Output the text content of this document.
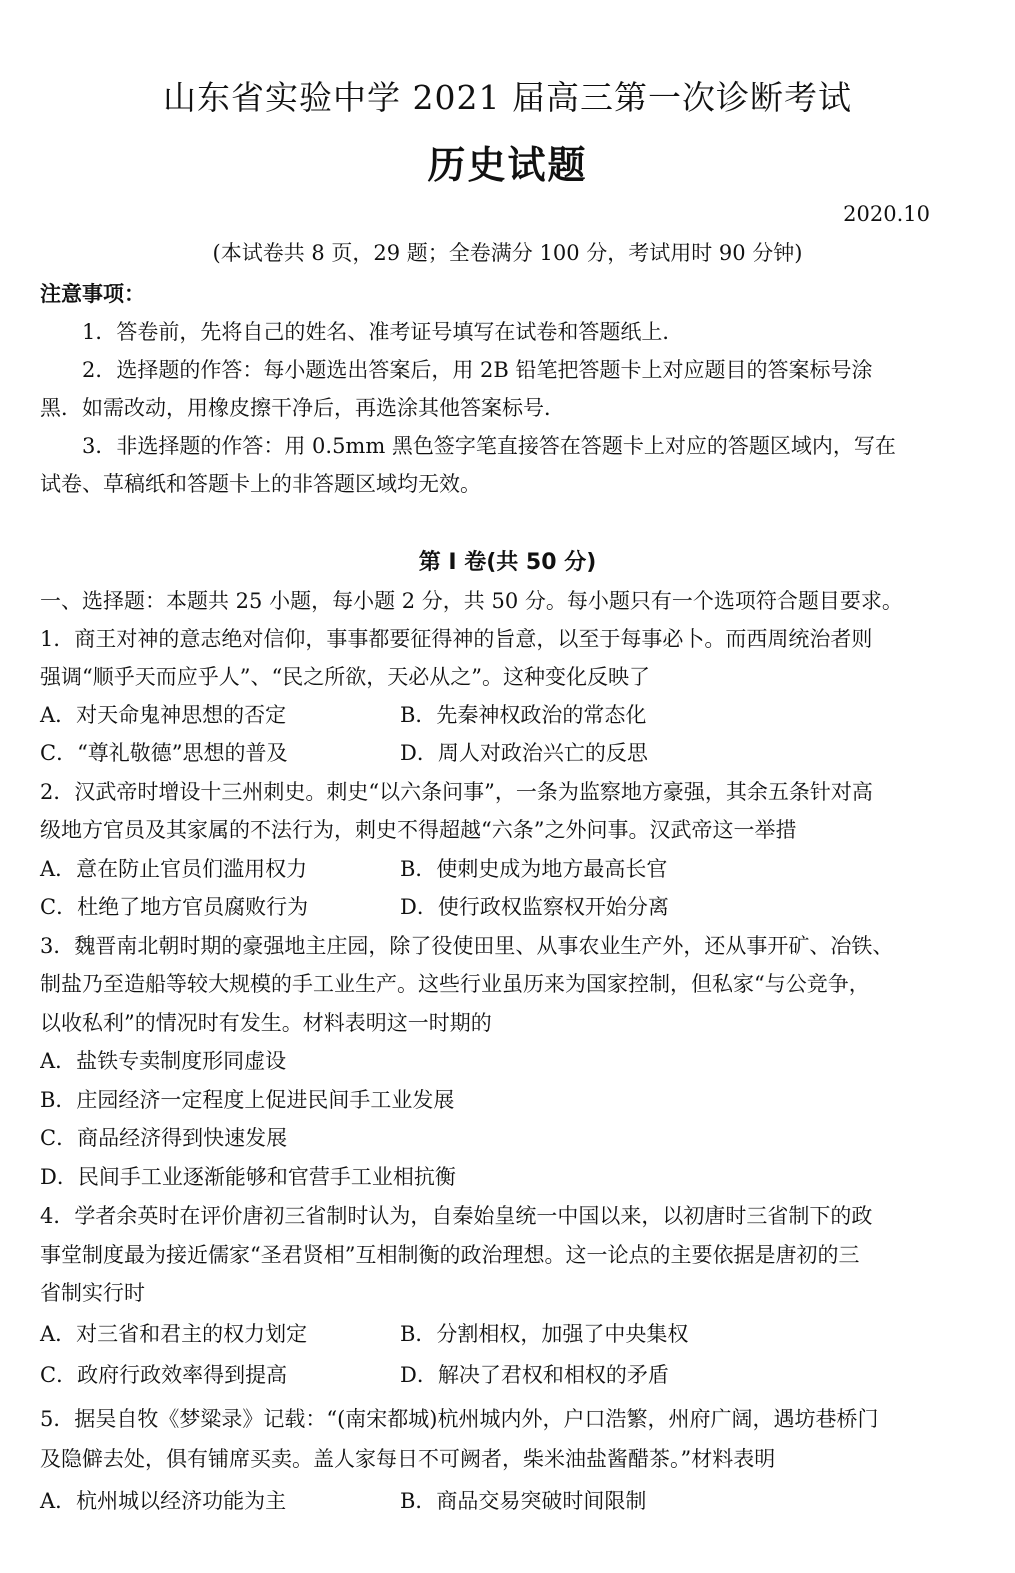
山东省实验中学 2021 届高三第一次诊断考试
历史试题
2020.10
(本试卷共 8 页，29 题；全卷满分 100 分，考试用时 90 分钟)
注意事项：
1．答卷前，先将自己的姓名、准考证号填写在试卷和答题纸上．
2．选择题的作答：每小题选出答案后，用 2B 铅笔把答题卡上对应题目的答案标号涂
黑．如需改动，用橡皮擦干净后，再选涂其他答案标号．
3．非选择题的作答：用 0.5mm 黑色签字笔直接答在答题卡上对应的答题区域内，写在
试卷、草稿纸和答题卡上的非答题区域均无效。
第 I 卷(共 50 分)
一、选择题：本题共 25 小题，每小题 2 分，共 50 分。每小题只有一个选项符合题目要求。
1．商王对神的意志绝对信仰，事事都要征得神的旨意，以至于每事必卜。而西周统治者则
强调“顺乎天而应乎人”、“民之所欲，天必从之”。这种变化反映了
A．对天命鬼神思想的否定	B．先秦神权政治的常态化
C．“尊礼敬德”思想的普及	D．周人对政治兴亡的反思
2．汉武帝时增设十三州刺史。刺史“以六条问事”，一条为监察地方豪强，其余五条针对高
级地方官员及其家属的不法行为，刺史不得超越“六条”之外问事。汉武帝这一举措
A．意在防止官员们滥用权力	B．使刺史成为地方最高长官
C．杜绝了地方官员腐败行为	D．使行政权监察权开始分离
3．魏晋南北朝时期的豪强地主庄园，除了役使田里、从事农业生产外，还从事开矿、冶铁、
制盐乃至造船等较大规模的手工业生产。这些行业虽历来为国家控制，但私家“与公竞争，
以收私利”的情况时有发生。材料表明这一时期的
A．盐铁专卖制度形同虚设
B．庄园经济一定程度上促进民间手工业发展
C．商品经济得到快速发展
D．民间手工业逐渐能够和官营手工业相抗衡
4．学者余英时在评价唐初三省制时认为，自秦始皇统一中国以来，以初唐时三省制下的政
事堂制度最为接近儒家“圣君贤相”互相制衡的政治理想。这一论点的主要依据是唐初的三
省制实行时
A．对三省和君主的权力划定	B．分割相权，加强了中央集权
C．政府行政效率得到提高	D．解决了君权和相权的矛盾
5．据吴自牧《梦粱录》记载：“(南宋都城)杭州城内外，户口浩繁，州府广阔，遇坊巷桥门
及隐僻去处，俱有铺席买卖。盖人家每日不可阙者，柴米油盐酱醋茶。”材料表明
A．杭州城以经济功能为主	B．商品交易突破时间限制
